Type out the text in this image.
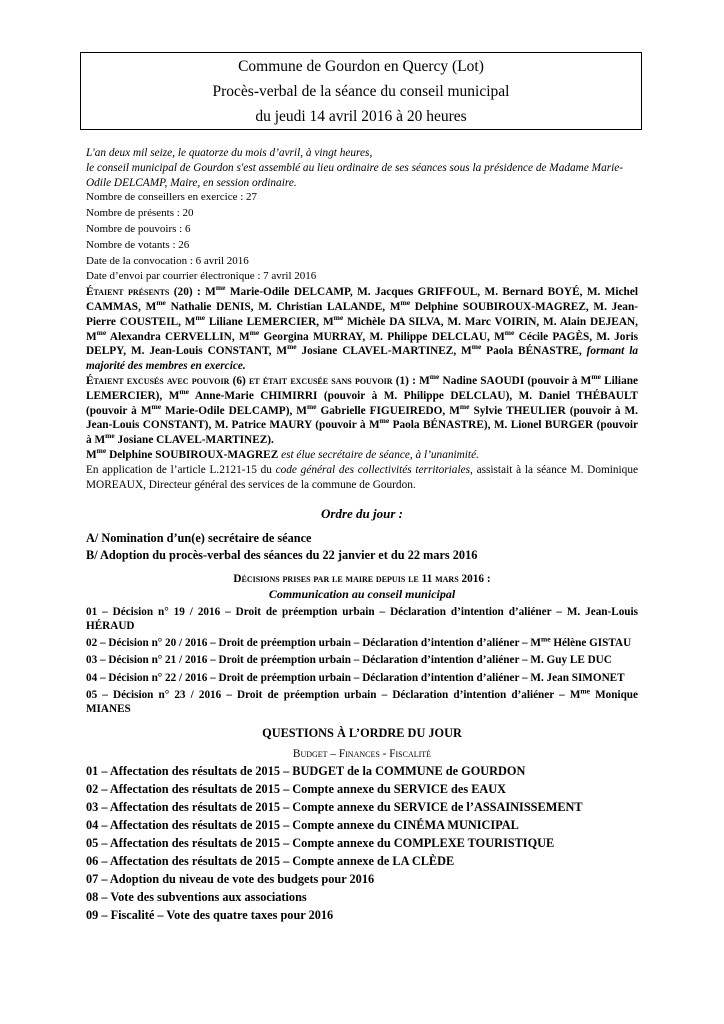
Commune de Gourdon en Quercy (Lot)
Procès-verbal de la séance du conseil municipal
du jeudi 14 avril 2016 à 20 heures

L'an deux mil seize, le quatorze du mois d’avril, à vingt heures,

le conseil municipal de Gourdon s'est assemblé au lieu ordinaire de ses séances sous la présidence de Madame Marie-Odile DELCAMP, Maire, en session ordinaire.

Nombre de conseillers en exercice : 27

Nombre de présents : 20

Nombre de pouvoirs : 6

Nombre de votants : 26

Date de la convocation : 6 avril 2016

Date d’envoi par courrier électronique : 7 avril 2016

Étaient présents (20) : $M^{me}$ Marie-Odile DELCAMP, M. Jacques GRIFFOUL, M. Bernard BOYÉ, M. Michel CAMMAS, $M^{me}$ Nathalie DENIS, M. Christian LALANDE, $M^{me}$ Delphine SOUBIROUX-MAGREZ, M. Jean-Pierre COUSTEIL, $M^{me}$ Liliane LEMERCIER, $M^{me}$ Michèle DA SILVA, M. Marc VOIRIN, M. Alain DEJEAN, $M^{me}$ Alexandra CERVELLIN, $M^{me}$ Georgina MURRAY, M. Philippe DELCLAU, $M^{me}$ Cécile PAGÈS, M. Joris DELPY, M. Jean-Louis CONSTANT, $M^{me}$ Josiane CLAVEL-MARTINEZ, $M^{me}$ Paola BÉNASTRE, formant la majorité des membres en exercice.

Étaient excusés avec pouvoir (6) et était excusée sans pouvoir (1) : $M^{me}$ Nadine SAOUDI (pouvoir à $M^{me}$ Liliane LEMERCIER), $M^{me}$ Anne-Marie CHIMIRRI (pouvoir à M. Philippe DELCLAU), M. Daniel THÉBAULT (pouvoir à $M^{me}$ Marie-Odile DELCAMP), $M^{me}$ Gabrielle FIGUEIREDO, $M^{me}$ Sylvie THEULIER (pouvoir à M. Jean-Louis CONSTANT), M. Patrice MAURY (pouvoir à $M^{me}$ Paola BÉNASTRE), M. Lionel BURGER (pouvoir à $M^{me}$ Josiane CLAVEL-MARTINEZ).

$M^{me}$ Delphine SOUBIROUX-MAGREZ est élue secrétaire de séance, à l’unanimité.

En application de l’article L.2121-15 du code général des collectivités territoriales, assistait à la séance M. Dominique MOREAUX, Directeur général des services de la commune de Gourdon.

Ordre du jour :

A/ Nomination d’un(e) secrétaire de séance

B/ Adoption du procès-verbal des séances du 22 janvier et du 22 mars 2016

Décisions prises par le maire depuis le 11 mars 2016 :

Communication au conseil municipal

01 – Décision n° 19 / 2016 – Droit de préemption urbain – Déclaration d’intention d’aliéner – M. Jean-Louis HÉRAUD

02 – Décision n° 20 / 2016 – Droit de préemption urbain – Déclaration d’intention d’aliéner – $M^{me}$ Hélène GISTAU

03 – Décision n° 21 / 2016 – Droit de préemption urbain – Déclaration d’intention d’aliéner – M. Guy LE DUC

04 – Décision n° 22 / 2016 – Droit de préemption urbain – Déclaration d’intention d’aliéner – M. Jean SIMONET

05 – Décision n° 23 / 2016 – Droit de préemption urbain – Déclaration d’intention d’aliéner – $M^{me}$ Monique MIANES

QUESTIONS À L’ORDRE DU JOUR

Budget – Finances - Fiscalité

01 – Affectation des résultats de 2015 – BUDGET de la COMMUNE de GOURDON

02 – Affectation des résultats de 2015 – Compte annexe du SERVICE des EAUX

03 – Affectation des résultats de 2015 – Compte annexe du SERVICE de l’ASSAINISSEMENT

04 – Affectation des résultats de 2015 – Compte annexe du CINÉMA MUNICIPAL

05 – Affectation des résultats de 2015 – Compte annexe du COMPLEXE TOURISTIQUE

06 – Affectation des résultats de 2015 – Compte annexe de LA CLÈDE

07 – Adoption du niveau de vote des budgets pour 2016

08 – Vote des subventions aux associations

09 – Fiscalité – Vote des quatre taxes pour 2016
